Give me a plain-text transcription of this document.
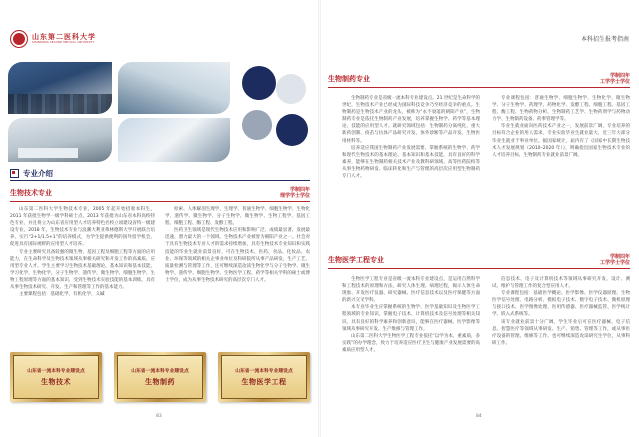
山东第二医科大学
SHANDONG SECOND MEDICAL UNIVERSITY
专业介绍
生物技术专业	学制四年
理学学士学位

山东第二医科大学生物技术专业，2005 年起开始招收本科生，2011 年获批生物学一级学科硕士点，2013 年获批为山东省本科高校特色专业，并且将立为山东省应用型人才培养特色名校立项建设省特一级建设专业。2018 年，生物技术专业与浪潮大利亚弗林德斯大学开展联合培养，实行“2+1/1.5+1”的培养模式，为学生提供便利的国外留学机会，促进具有国际视野的应用型人才培养。

专业主要研究具备较强的微生物、基因工程及细胞工程等方面的应用能力，在生命科学及生物技术领域从事相关研究和开发工作的高素质、应用型专业人才。学生主要学习生物技术基础理论、基本知识和基本技能，学习化学、生物化学、分子生物学、遗传学、微生物学、细胞生物学、生物工程原理等方面的基本知识，受到生物技术实验技能的基本训练，具有从事生物技术研究、开发、生产和管理等工作的基本能力。

主要课程包括：基础化学、有机化学、义碱

检索、人体解剖生理学、生理学、普通生物学、细胞生物学、生物化学、遗传学、微生物学、分子生物学、微生物学、生物工程学、基因工程、细胞工程、酶工程、发酵工程。

医药卫生领域是现代生物技术应用和影响广泛、成绩最显著、发展最迅速、潜力最大的一个领域，生物技术产业被誉为朝阳产业之一。社会对于具有生物技术专业人才的需求持续增加，具有生物技术专业知识和实践技能的毕业生就业前景良好，可在生物技术、医药、食品、化妆品、农业、环保等领域的相关企事业单位及科研院所从事产品研发、生产工艺、质量检测与管理等工作，还可继续深造攻读生物化学与分子生物学、微生物学、遗传学、细胞生物学、生物医学工程、药学等相关学科的硕士或博士学位，成为从事生物技术研究的高层次专门人才。

山东省一流本科专业建设点
生物技术
山东省一流本科专业建设点
生物制药
山东省一流本科专业建设点
生物医学工程
83
本科招生报考指南
生物制药专业	学制四年
工学学士学位

生物制药专业是省级一流本科专业建设点。21 世纪是生命科学的世纪，生物技术产业已经成为国际科技竞争乃至经济竞争的重点。生物制药是生物技术产业的龙头，被称为“永不衰落的朝阳产业”，生物制药专业是依托生物制药产业发展，培养掌握生物学、药学等基本理论、技能的应用型人才。就研究领域包括：生物制药分离纯化、重大新药创制、疫苗与抗体产品研究开发、体外诊断等产品开发、生物医用材料等。

培养适应我国生物制药产业发展需要、掌握系统的生物学、药学和现代生物技术的基本理论、基本知识和基本技能，具有良好的科学素养，能够在生物制药相关技术产业及教科研领域、高等医药院校等从事生物药物研发、临床转化和生产与管理的高层次应用型生物制药专门人才。

专业课程包括：普通生物学、细胞生物学、生物化学、微生物学、分子生物学、药理学、药物化学、发酵工程、细胞工程、基因工程、酶工程、生物药物分析、生物制药工艺学、生物药剂学与药物动力学、生物制药设备、药事管理学等。

毕业生就业面向医药技术产业之一，发展前景广阔，专业培养的目标符合企业的用人需求，专业实验毕业生就业量大，近三年大部分毕业生就业于事业单位。据国家统计，届内有了《国家中长期生物技术人才发展规划（2010–2020 年）》，明确指出国家生物技术专业的人才培养目标，生物制药专业就业前景广阔。

生物医学工程专业	学制四年
工学学士学位

生物医学工程专业是省级一流本科专业建设点，是运用自然科学和工程技术的原理和方法，研究人体生理、病理过程，揭示人体生命现象、开发医疗仪器、研究器械、医疗信息技术以及医疗保健等方面的新兴交叉学科。

本专业毕业生应掌握系统的生物学、医学基础知识及生物医学工程领域的专业知识，掌握电子技术、计算机技术及信号处理等相关知识，具有良好的科学素养和创新意识，能够在医疗器械、医学影像等领域从事研究开发、生产维修与管理工作。

山东第二医科大学生物医学工程专业依托“以学为本，重素质，多实践”的办学理念，致力于培养适应医疗卫生与健康产业发展需要的高素质应用型人才。

信息技术、电子及计算机技术等领域从事研究开发、设计、测试、维护与管理工作的复合型应用人才。

专业课程包括：基础医学概论、医学影像、医学仪器原理、生物医学信号处理、电路分析、模拟电子技术、数字电子技术、微机原理与接口技术、医学图像处理、医用传感器、医疗器械监管、医学统计学、嵌入式系统等。

该专业就业前景十分广阔，学生毕业后可在医疗器械、电子信息、智慧医疗等领域从事研发、生产、销售、管理等工作，或从事医疗设备的管理、维修等工作，也可继续深造攻读研究生学位，从事科研工作。

84
